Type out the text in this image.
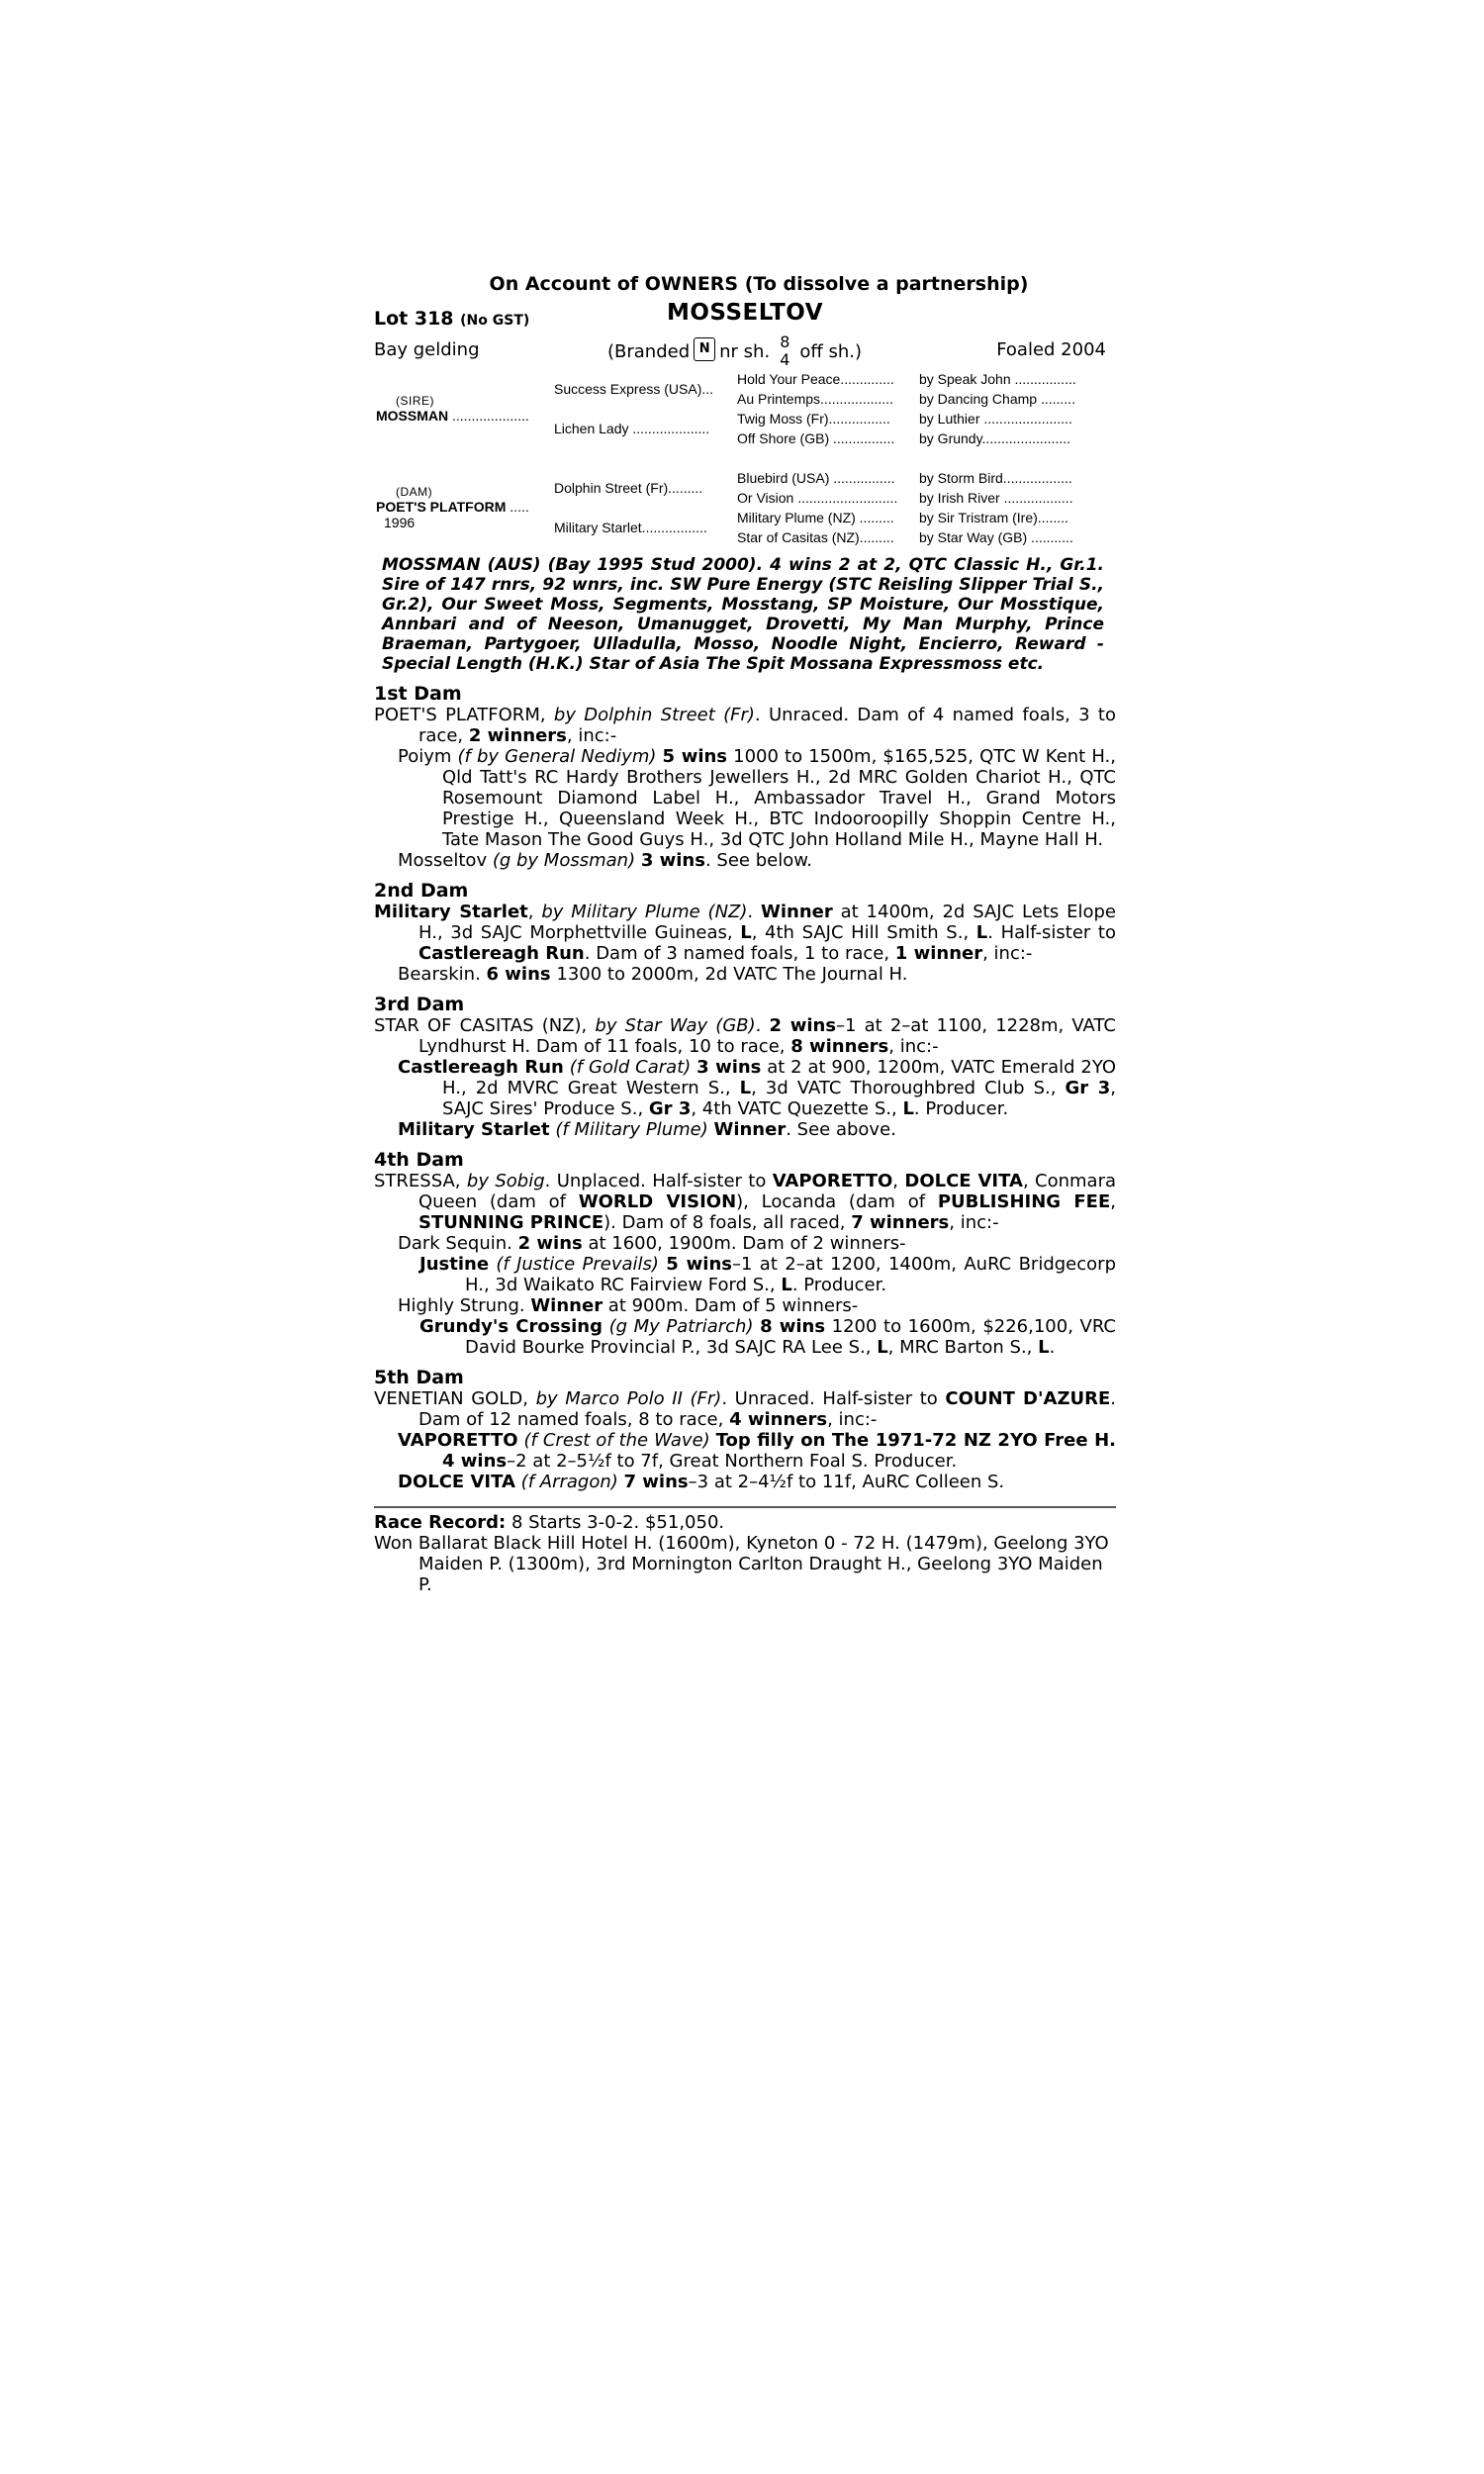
On Account of OWNERS (To dissolve a partnership)
Lot 318 (No GST)	MOSSELTOV
Bay gelding	(Branded N nr sh. 8
4 off sh.)	Foaled 2004
(SIRE)
MOSSMAN ....................	Success Express (USA)...	Hold Your Peace..............	by Speak John ................
		Au Printemps...................	by Dancing Champ .........
	Lichen Lady ....................	Twig Moss (Fr)................	by Luthier .......................
		Off Shore (GB) ................	by Grundy.......................

(DAM)
POET'S PLATFORM .....
1996	Dolphin Street (Fr).........	Bluebird (USA) ................	by Storm Bird..................
		Or Vision ..........................	by Irish River ..................
	Military Starlet.................	Military Plume (NZ) .........	by Sir Tristram (Ire)........
		Star of Casitas (NZ).........	by Star Way (GB) ...........
MOSSMAN (AUS) (Bay 1995 Stud 2000). 4 wins 2 at 2, QTC Classic H., Gr.1. Sire of 147 rnrs, 92 wnrs, inc. SW Pure Energy (STC Reisling Slipper Trial S., Gr.2), Our Sweet Moss, Segments, Mosstang, SP Moisture, Our Mosstique, Annbari and of Neeson, Umanugget, Drovetti, My Man Murphy, Prince Braeman, Partygoer, Ulladulla, Mosso, Noodle Night, Encierro, Reward - Special Length (H.K.) Star of Asia The Spit Mossana Expressmoss etc.
1st Dam
POET'S PLATFORM, by Dolphin Street (Fr). Unraced. Dam of 4 named foals, 3 to race, 2 winners, inc:-
Poiym (f by General Nediym) 5 wins 1000 to 1500m, $165,525, QTC W Kent H., Qld Tatt's RC Hardy Brothers Jewellers H., 2d MRC Golden Chariot H., QTC Rosemount Diamond Label H., Ambassador Travel H., Grand Motors Prestige H., Queensland Week H., BTC Indooroopilly Shoppin Centre H., Tate Mason The Good Guys H., 3d QTC John Holland Mile H., Mayne Hall H.
Mosseltov (g by Mossman) 3 wins. See below.
2nd Dam
Military Starlet, by Military Plume (NZ). Winner at 1400m, 2d SAJC Lets Elope H., 3d SAJC Morphettville Guineas, L, 4th SAJC Hill Smith S., L. Half-sister to Castlereagh Run. Dam of 3 named foals, 1 to race, 1 winner, inc:-
Bearskin. 6 wins 1300 to 2000m, 2d VATC The Journal H.
3rd Dam
STAR OF CASITAS (NZ), by Star Way (GB). 2 wins–1 at 2–at 1100, 1228m, VATC Lyndhurst H. Dam of 11 foals, 10 to race, 8 winners, inc:-
Castlereagh Run (f Gold Carat) 3 wins at 2 at 900, 1200m, VATC Emerald 2YO H., 2d MVRC Great Western S., L, 3d VATC Thoroughbred Club S., Gr 3, SAJC Sires' Produce S., Gr 3, 4th VATC Quezette S., L. Producer.
Military Starlet (f Military Plume) Winner. See above.
4th Dam
STRESSA, by Sobig. Unplaced. Half-sister to VAPORETTO, DOLCE VITA, Conmara Queen (dam of WORLD VISION), Locanda (dam of PUBLISHING FEE, STUNNING PRINCE). Dam of 8 foals, all raced, 7 winners, inc:-
Dark Sequin. 2 wins at 1600, 1900m. Dam of 2 winners-
Justine (f Justice Prevails) 5 wins–1 at 2–at 1200, 1400m, AuRC Bridgecorp H., 3d Waikato RC Fairview Ford S., L. Producer.
Highly Strung. Winner at 900m. Dam of 5 winners-
Grundy's Crossing (g My Patriarch) 8 wins 1200 to 1600m, $226,100, VRC David Bourke Provincial P., 3d SAJC RA Lee S., L, MRC Barton S., L.
5th Dam
VENETIAN GOLD, by Marco Polo II (Fr). Unraced. Half-sister to COUNT D'AZURE. Dam of 12 named foals, 8 to race, 4 winners, inc:-
VAPORETTO (f Crest of the Wave) Top filly on The 1971-72 NZ 2YO Free H. 4 wins–2 at 2–5½f to 7f, Great Northern Foal S. Producer.
DOLCE VITA (f Arragon) 7 wins–3 at 2–4½f to 11f, AuRC Colleen S.
Race Record: 8 Starts 3-0-2. $51,050.
Won Ballarat Black Hill Hotel H. (1600m), Kyneton 0 - 72 H. (1479m), Geelong 3YO Maiden P. (1300m), 3rd Mornington Carlton Draught H., Geelong 3YO Maiden P.
